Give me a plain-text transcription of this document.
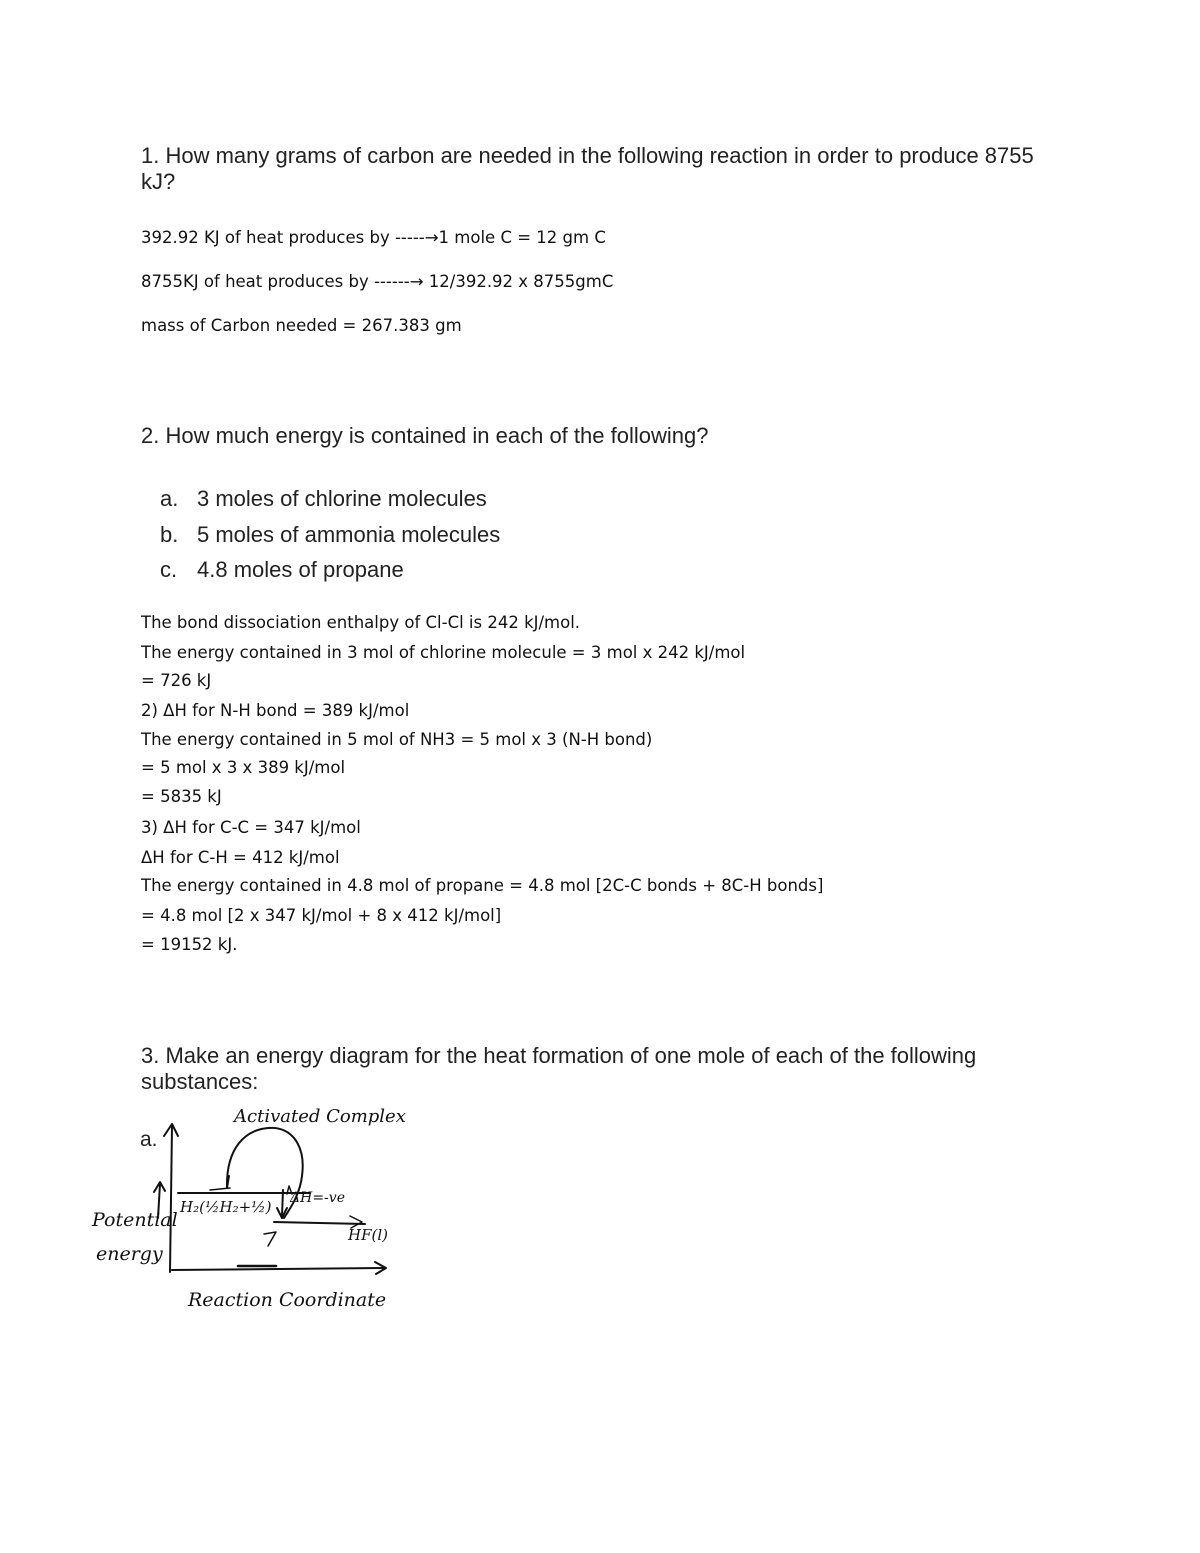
1. How many grams of carbon are needed in the following reaction in order to produce 8755 kJ?

392.92 KJ of heat produces by -----→1 mole C = 12 gm C
8755KJ of heat produces by ------→ 12/392.92 x 8755gmC
mass of Carbon needed = 267.383 gm

2. How much energy is contained in each of the following?

a. 3 moles of chlorine molecules
b. 5 moles of ammonia molecules
c. 4.8 moles of propane
The bond dissociation enthalpy of Cl-Cl is 242 kJ/mol.
The energy contained in 3 mol of chlorine molecule = 3 mol x 242 kJ/mol
= 726 kJ
2) ΔH for N-H bond = 389 kJ/mol
The energy contained in 5 mol of NH3 = 5 mol x 3 (N-H bond)
= 5 mol x 3 x 389 kJ/mol
= 5835 kJ
3) ΔH for C-C = 347 kJ/mol
ΔH for C-H = 412 kJ/mol
The energy contained in 4.8 mol of propane = 4.8 mol [2C-C bonds + 8C-H bonds]
= 4.8 mol [2 x 347 kJ/mol + 8 x 412 kJ/mol]
= 19152 kJ.

3. Make an energy diagram for the heat formation of one mole of each of the following substances:

a.
Activated Complex
Potential
energy
Reaction Coordinate
H₂(½H₂+½) ΔH=-ve
HF(l)
